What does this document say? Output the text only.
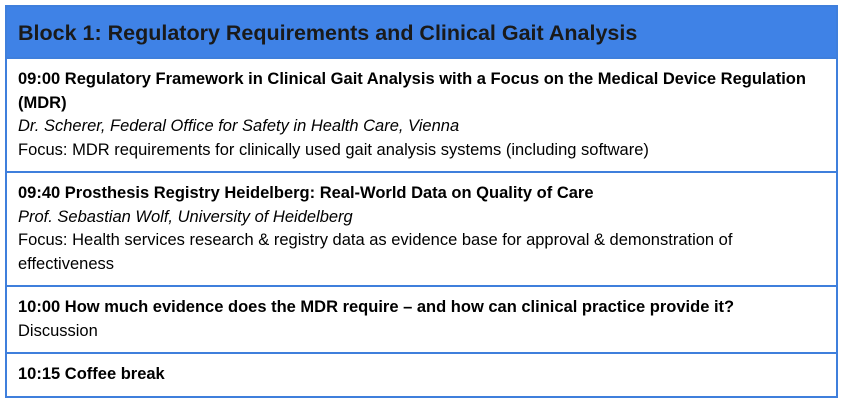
Block 1: Regulatory Requirements and Clinical Gait Analysis
09:00 Regulatory Framework in Clinical Gait Analysis with a Focus on the Medical Device Regulation (MDR)
Dr. Scherer, Federal Office for Safety in Health Care, Vienna
Focus: MDR requirements for clinically used gait analysis systems (including software)
09:40 Prosthesis Registry Heidelberg: Real-World Data on Quality of Care
Prof. Sebastian Wolf, University of Heidelberg
Focus: Health services research & registry data as evidence base for approval & demonstration of effectiveness
10:00 How much evidence does the MDR require – and how can clinical practice provide it?
Discussion
10:15 Coffee break
